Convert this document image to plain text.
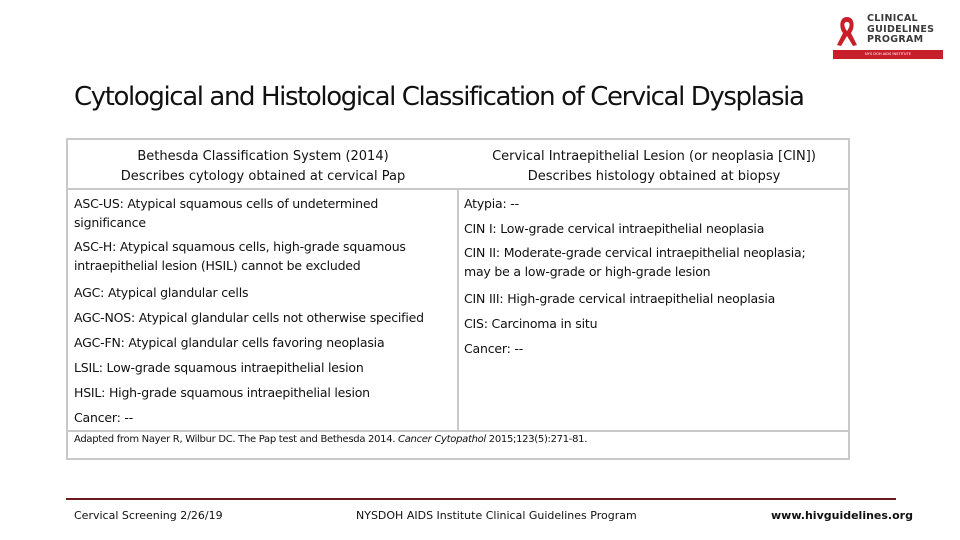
CLINICAL
GUIDELINES
PROGRAM
NYS DOH AIDS INSTITUTE
Cytological and Histological Classification of Cervical Dysplasia
Bethesda Classification System (2014)
Describes cytology obtained at cervical Pap
Cervical Intraepithelial Lesion (or neoplasia [CIN])
Describes histology obtained at biopsy
ASC-US: Atypical squamous cells of undetermined
significance
ASC-H: Atypical squamous cells, high-grade squamous
intraepithelial lesion (HSIL) cannot be excluded
AGC: Atypical glandular cells
AGC-NOS: Atypical glandular cells not otherwise specified
AGC-FN: Atypical glandular cells favoring neoplasia
LSIL: Low-grade squamous intraepithelial lesion
HSIL: High-grade squamous intraepithelial lesion
Cancer: --
Atypia: --
CIN I: Low-grade cervical intraepithelial neoplasia
CIN II: Moderate-grade cervical intraepithelial neoplasia;
may be a low-grade or high-grade lesion
CIN III: High-grade cervical intraepithelial neoplasia
CIS: Carcinoma in situ
Cancer: --
Adapted from Nayer R, Wilbur DC. The Pap test and Bethesda 2014. Cancer Cytopathol 2015;123(5):271-81.
Cervical Screening 2/26/19	NYSDOH AIDS Institute Clinical Guidelines Program	www.hivguidelines.org
